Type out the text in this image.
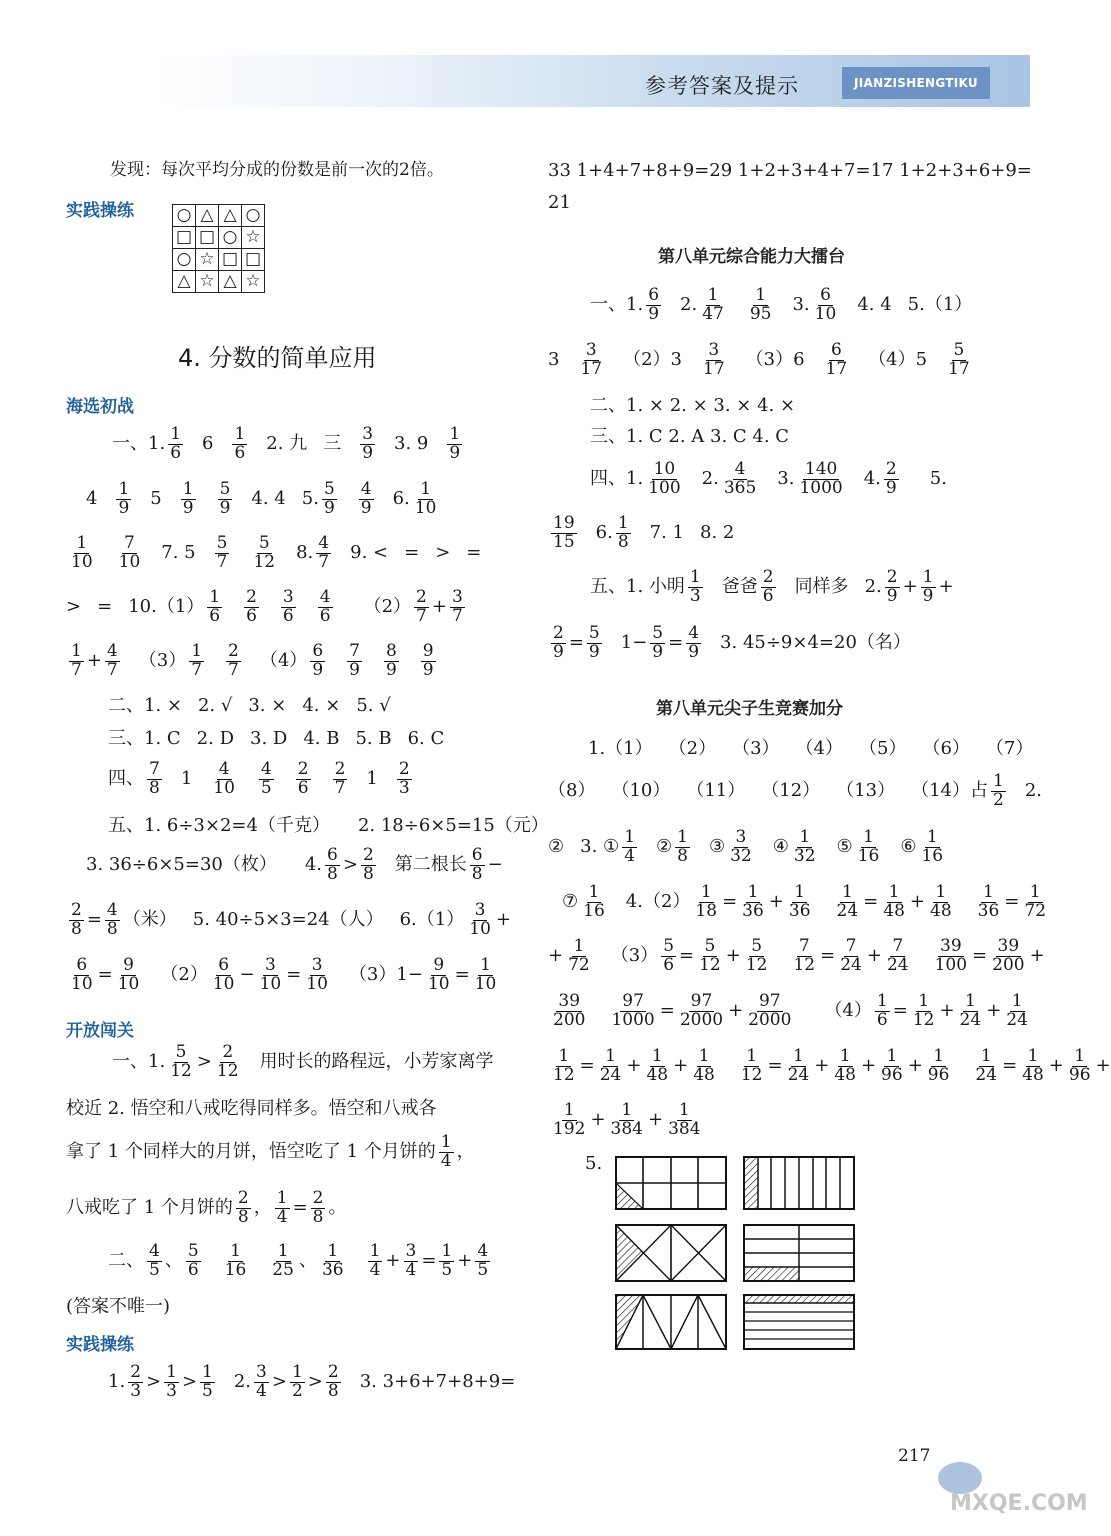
参考答案及提示	JIANZISHENGTIKU
发现：每次平均分成的份数是前一次的2倍。
实践操练	○	△	△	○
□	□	○	☆
○	☆	□	□
△	☆	△	☆
4. 分数的简单应用
海选初战
一、1. 1
6 6 1
6 2. 九 三 3
9 3. 9 1
9
4 1
9 5 1
9
5
9 4. 4 5. 5
9
4
9 6. 1
10
1
10
7
10 7. 5 5
7
5
12 8. 4
7 9. < = > =
> = 10.（1） 1
6
2
6
3
6
4
6 （2） 2
7 + 3
7
1
7 + 4
7 （3） 1
7
2
7 （4） 6
9
7
9
8
9
9
9
二、1. × 2. √ 3. × 4. × 5. √
三、1. C 2. D 3. D 4. B 5. B 6. C
四、 7
8 1 4
10
4
5
2
6
2
7 1 2
3
五、1. 6÷3×2=4（千克） 2. 18÷6×5=15（元）
3. 36÷6×5=30（枚） 4. 6
8 > 2
8 第二根长 6
8 −
2
8 = 4
8 （米） 5. 40÷5×3=24（人） 6.（1） 3
10 +
6
10 = 9
10 （2） 6
10 − 3
10 = 3
10 （3）1− 9
10 = 1
10
开放闯关
一、1. 5
12 > 2
12 用时长的路程远，小芳家离学
校近 2. 悟空和八戒吃得同样多。悟空和八戒各
拿了 1 个同样大的月饼，悟空吃了 1 个月饼的 1
4 ，
八戒吃了 1 个月饼的 2
8 ， 1
4 = 2
8 。
二、 4
5 、 5
6
1
16
1
25 、 1
36
1
4 + 3
4 = 1
5 + 4
5
(答案不唯一)
实践操练
1. 2
3 > 1
3 > 1
5 2. 3
4 > 1
2 > 2
8 3. 3+6+7+8+9=
33 1+4+7+8+9=29 1+2+3+4+7=17 1+2+3+6+9=
21
第八单元综合能力大擂台
一、1. 6
9 2. 1
47
1
95 3. 6
10 4. 4 5.（1）
3 3
17 （2）3 3
17 （3）6 6
17 （4）5 5
17
二、1. × 2. × 3. × 4. ×
三、1. C 2. A 3. C 4. C
四、1. 10
100 2. 4
365 3. 140
1000 4. 2
9 5.
19
15 6. 1
8 7. 1 8. 2
五、1. 小明 1
3 爸爸 2
6 同样多 2. 2
9 + 1
9 +
2
9 = 5
9 1− 5
9 = 4
9 3. 45÷9×4=20（名）
第八单元尖子生竞赛加分
1.（1） （2） （3） （4） （5） （6） （7）
（8） （10） （11） （12） （13） （14）占 1
2 2.
② 3. ① 1
4 ② 1
8 ③ 3
32 ④ 1
32 ⑤ 1
16 ⑥ 1
16
⑦ 1
16 4.（2） 1
18 = 1
36 + 1
36
1
24 = 1
48 + 1
48
1
36 = 1
72
+ 1
72 （3） 5
6 = 5
12 + 5
12
7
12 = 7
24 + 7
24
39
100 = 39
200 +
39
200
97
1000 = 97
2000 + 97
2000 （4） 1
6 = 1
12 + 1
24 + 1
24
1
12 = 1
24 + 1
48 + 1
48
1
12 = 1
24 + 1
48 + 1
96 + 1
96
1
24 = 1
48 + 1
96 +
1
192 + 1
384 + 1
384
5.
217
MXQE.COM
